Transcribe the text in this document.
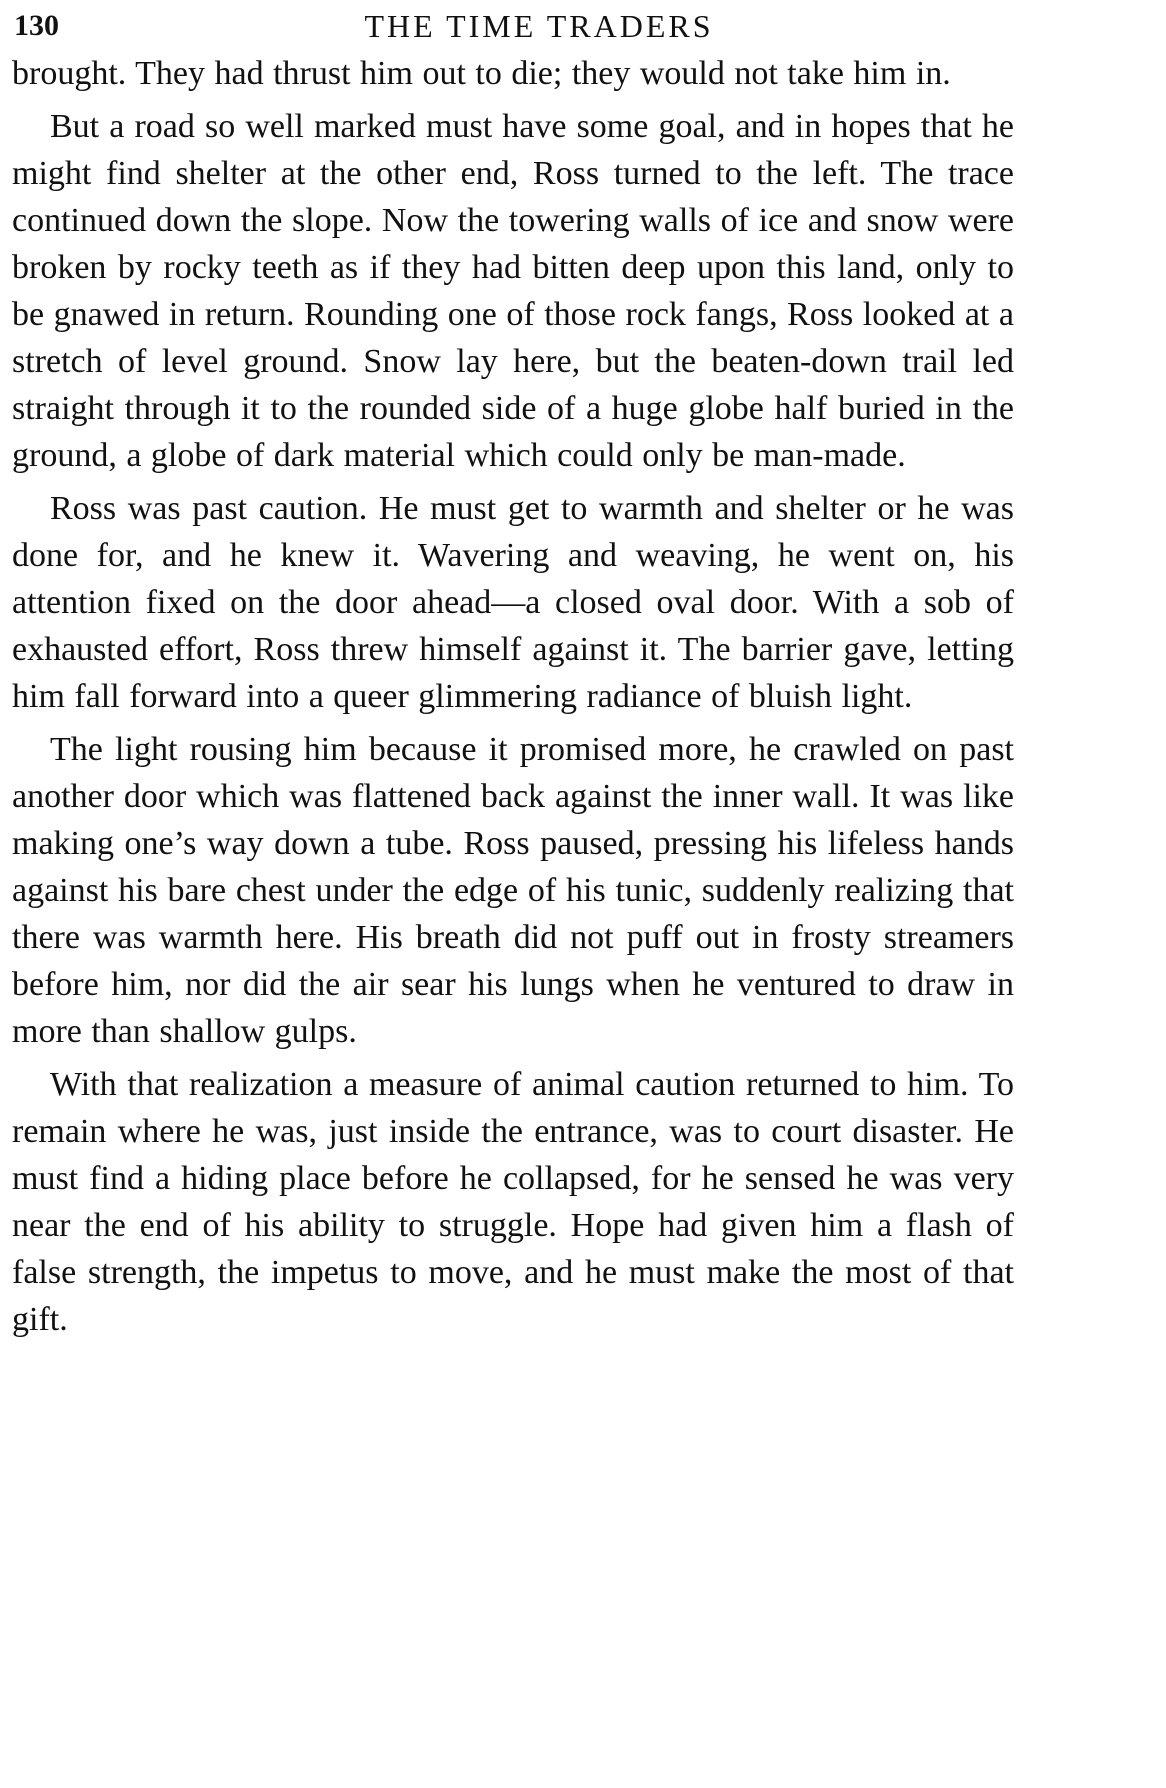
130	THE TIME TRADERS

brought. They had thrust him out to die; they would not take him in.

But a road so well marked must have some goal, and in hopes that he might find shelter at the other end, Ross turned to the left. The trace continued down the slope. Now the towering walls of ice and snow were broken by rocky teeth as if they had bitten deep upon this land, only to be gnawed in return. Rounding one of those rock fangs, Ross looked at a stretch of level ground. Snow lay here, but the beaten-down trail led straight through it to the rounded side of a huge globe half buried in the ground, a globe of dark material which could only be man-made.

Ross was past caution. He must get to warmth and shelter or he was done for, and he knew it. Wavering and weaving, he went on, his attention fixed on the door ahead—a closed oval door. With a sob of exhausted effort, Ross threw himself against it. The barrier gave, letting him fall forward into a queer glimmering radiance of bluish light.

The light rousing him because it promised more, he crawled on past another door which was flattened back against the inner wall. It was like making one’s way down a tube. Ross paused, pressing his lifeless hands against his bare chest under the edge of his tunic, suddenly realizing that there was warmth here. His breath did not puff out in frosty streamers before him, nor did the air sear his lungs when he ventured to draw in more than shallow gulps.

With that realization a measure of animal caution returned to him. To remain where he was, just inside the entrance, was to court disaster. He must find a hiding place before he collapsed, for he sensed he was very near the end of his ability to struggle. Hope had given him a flash of false strength, the impetus to move, and he must make the most of that gift.
